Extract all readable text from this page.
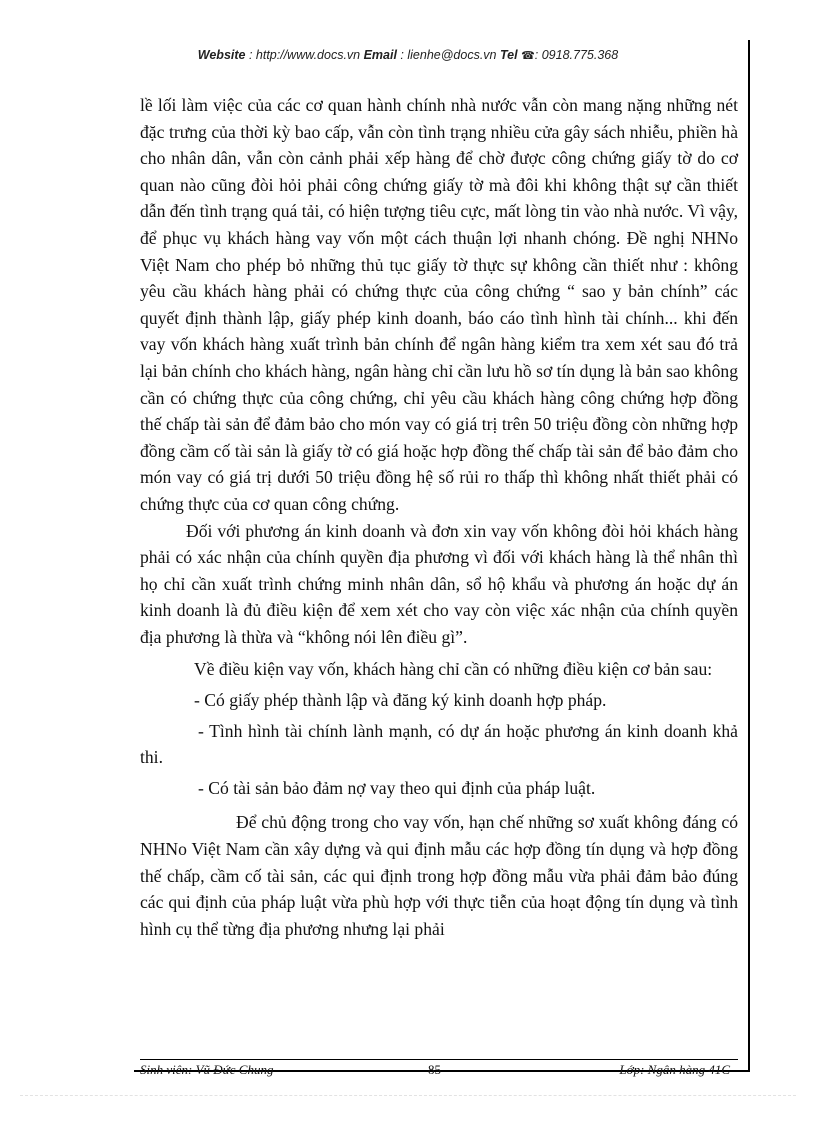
Website : http://www.docs.vn Email : lienhe@docs.vn Tel ☎: 0918.775.368

lề lối làm việc của các cơ quan hành chính nhà nước vẫn còn mang nặng những nét đặc trưng của thời kỳ bao cấp, vẫn còn tình trạng nhiều cửa gây sách nhiễu, phiền hà cho nhân dân, vẫn còn cảnh phải xếp hàng để chờ được công chứng giấy tờ do cơ quan nào cũng đòi hỏi phải công chứng giấy tờ mà đôi khi không thật sự cần thiết dẫn đến tình trạng quá tải, có hiện tượng tiêu cực, mất lòng tin vào nhà nước. Vì vậy, để phục vụ khách hàng vay vốn một cách thuận lợi nhanh chóng. Đề nghị NHNo Việt Nam cho phép bỏ những thủ tục giấy tờ thực sự không cần thiết như : không yêu cầu khách hàng phải có chứng thực của công chứng “ sao y bản chính” các quyết định thành lập, giấy phép kinh doanh, báo cáo tình hình tài chính... khi đến vay vốn khách hàng xuất trình bản chính để ngân hàng kiểm tra xem xét sau đó trả lại bản chính cho khách hàng, ngân hàng chỉ cần lưu hồ sơ tín dụng là bản sao không cần có chứng thực của công chứng, chỉ yêu cầu khách hàng công chứng hợp đồng thế chấp tài sản để đảm bảo cho món vay có giá trị trên 50 triệu đồng còn những hợp đồng cầm cố tài sản là giấy tờ có giá hoặc hợp đồng thế chấp tài sản để bảo đảm cho món vay có giá trị dưới 50 triệu đồng hệ số rủi ro thấp thì không nhất thiết phải có chứng thực của cơ quan công chứng.

Đối với phương án kinh doanh và đơn xin vay vốn không đòi hỏi khách hàng phải có xác nhận của chính quyền địa phương vì đối với khách hàng là thể nhân thì họ chỉ cần xuất trình chứng minh nhân dân, sổ hộ khẩu và phương án hoặc dự án kinh doanh là đủ điều kiện để xem xét cho vay còn việc xác nhận của chính quyền địa phương là thừa và “không nói lên điều gì”.

Về điều kiện vay vốn, khách hàng chỉ cần có những điều kiện cơ bản sau:

- Có giấy phép thành lập và đăng ký kinh doanh hợp pháp.

- Tình hình tài chính lành mạnh, có dự án hoặc phương án kinh doanh khả thi.

- Có tài sản bảo đảm nợ vay theo qui định của pháp luật.

Để chủ động trong cho vay vốn, hạn chế những sơ xuất không đáng có NHNo Việt Nam cần xây dựng và qui định mẫu các hợp đồng tín dụng và hợp đồng thế chấp, cầm cố tài sản, các qui định trong hợp đồng mẫu vừa phải đảm bảo đúng các qui định của pháp luật vừa phù hợp với thực tiễn của hoạt động tín dụng và tình hình cụ thể từng địa phương nhưng lại phải

Sinh viên: Vũ Đức Chung	85	Lớp: Ngân hàng 41C
